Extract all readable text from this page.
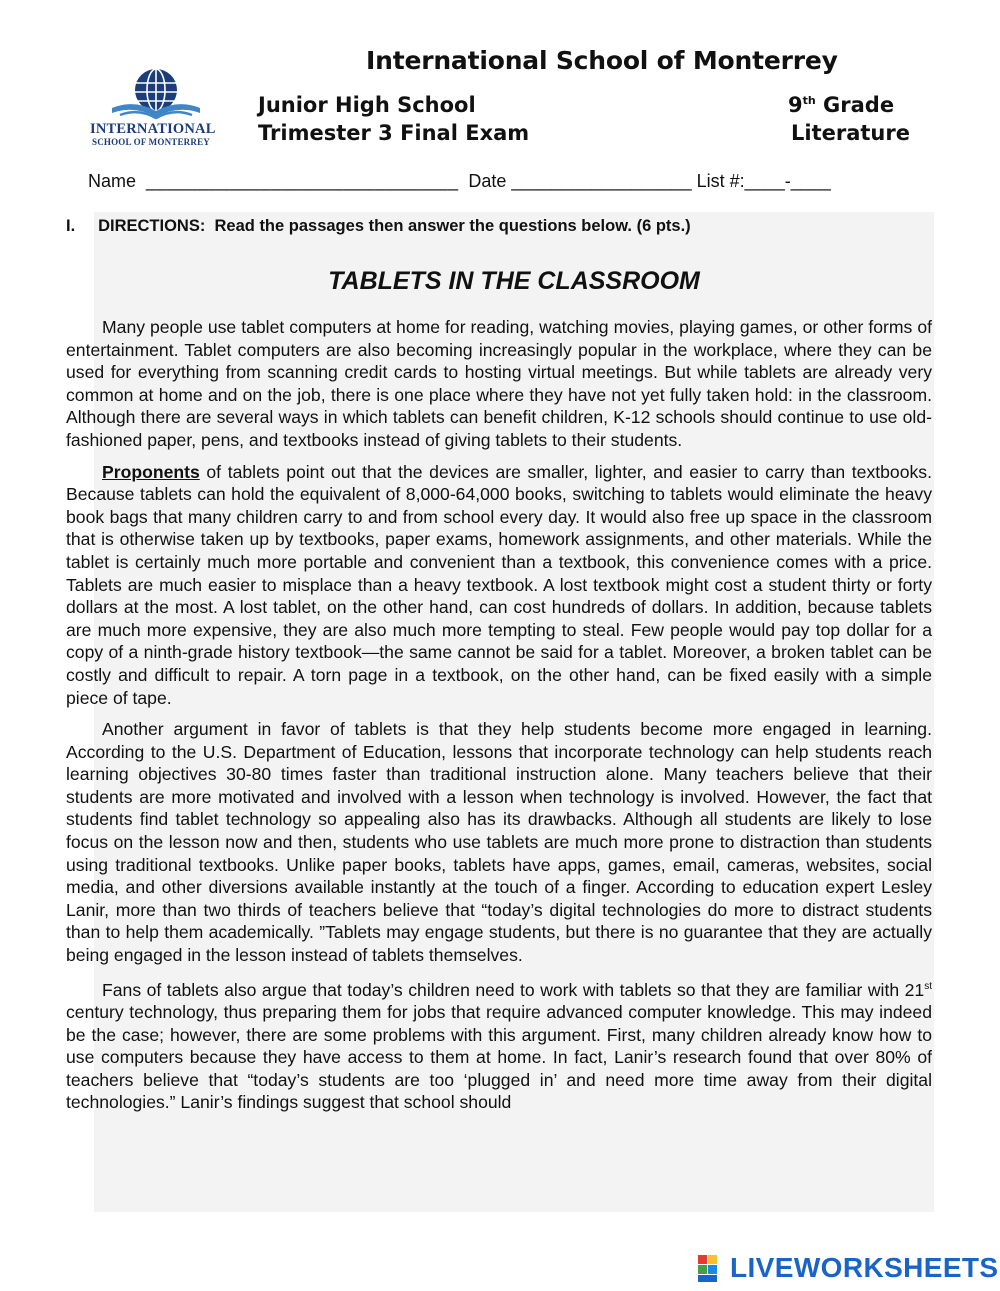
International School of Monterrey
INTERNATIONAL
SCHOOL OF MONTERREY
Junior High School
Trimester 3 Final Exam
9th Grade
Literature
Name ______________________________ Date __________________ List #:____-____
I.     DIRECTIONS:  Read the passages then answer the questions below. (6 pts.)
TABLETS IN THE CLASSROOM

Many people use tablet computers at home for reading, watching movies, playing games, or other forms of entertainment. Tablet computers are also becoming increasingly popular in the workplace, where they can be used for everything from scanning credit cards to hosting virtual meetings. But while tablets are already very common at home and on the job, there is one place where they have not yet fully taken hold: in the classroom. Although there are several ways in which tablets can benefit children, K-12 schools should continue to use old-fashioned paper, pens, and textbooks instead of giving tablets to their students.

Proponents of tablets point out that the devices are smaller, lighter, and easier to carry than textbooks. Because tablets can hold the equivalent of 8,000-64,000 books, switching to tablets would eliminate the heavy book bags that many children carry to and from school every day. It would also free up space in the classroom that is otherwise taken up by textbooks, paper exams, homework assignments, and other materials. While the tablet is certainly much more portable and convenient than a textbook, this convenience comes with a price. Tablets are much easier to misplace than a heavy textbook. A lost textbook might cost a student thirty or forty dollars at the most. A lost tablet, on the other hand, can cost hundreds of dollars. In addition, because tablets are much more expensive, they are also much more tempting to steal. Few people would pay top dollar for a copy of a ninth-grade history textbook—the same cannot be said for a tablet. Moreover, a broken tablet can be costly and difficult to repair. A torn page in a textbook, on the other hand, can be fixed easily with a simple piece of tape.

Another argument in favor of tablets is that they help students become more engaged in learning. According to the U.S. Department of Education, lessons that incorporate technology can help students reach learning objectives 30-80 times faster than traditional instruction alone. Many teachers believe that their students are more motivated and involved with a lesson when technology is involved. However, the fact that students find tablet technology so appealing also has its drawbacks. Although all students are likely to lose focus on the lesson now and then, students who use tablets are much more prone to distraction than students using traditional textbooks. Unlike paper books, tablets have apps, games, email, cameras, websites, social media, and other diversions available instantly at the touch of a finger. According to education expert Lesley Lanir, more than two thirds of teachers believe that “today’s digital technologies do more to distract students than to help them academically. ”Tablets may engage students, but there is no guarantee that they are actually being engaged in the lesson instead of tablets themselves.

Fans of tablets also argue that today’s children need to work with tablets so that they are familiar with 21st century technology, thus preparing them for jobs that require advanced computer knowledge. This may indeed be the case; however, there are some problems with this argument. First, many children already know how to use computers because they have access to them at home. In fact, Lanir’s research found that over 80% of teachers believe that “today’s students are too ‘plugged in’ and need more time away from their digital technologies.” Lanir’s findings suggest that school should

LIVEWORKSHEETS
